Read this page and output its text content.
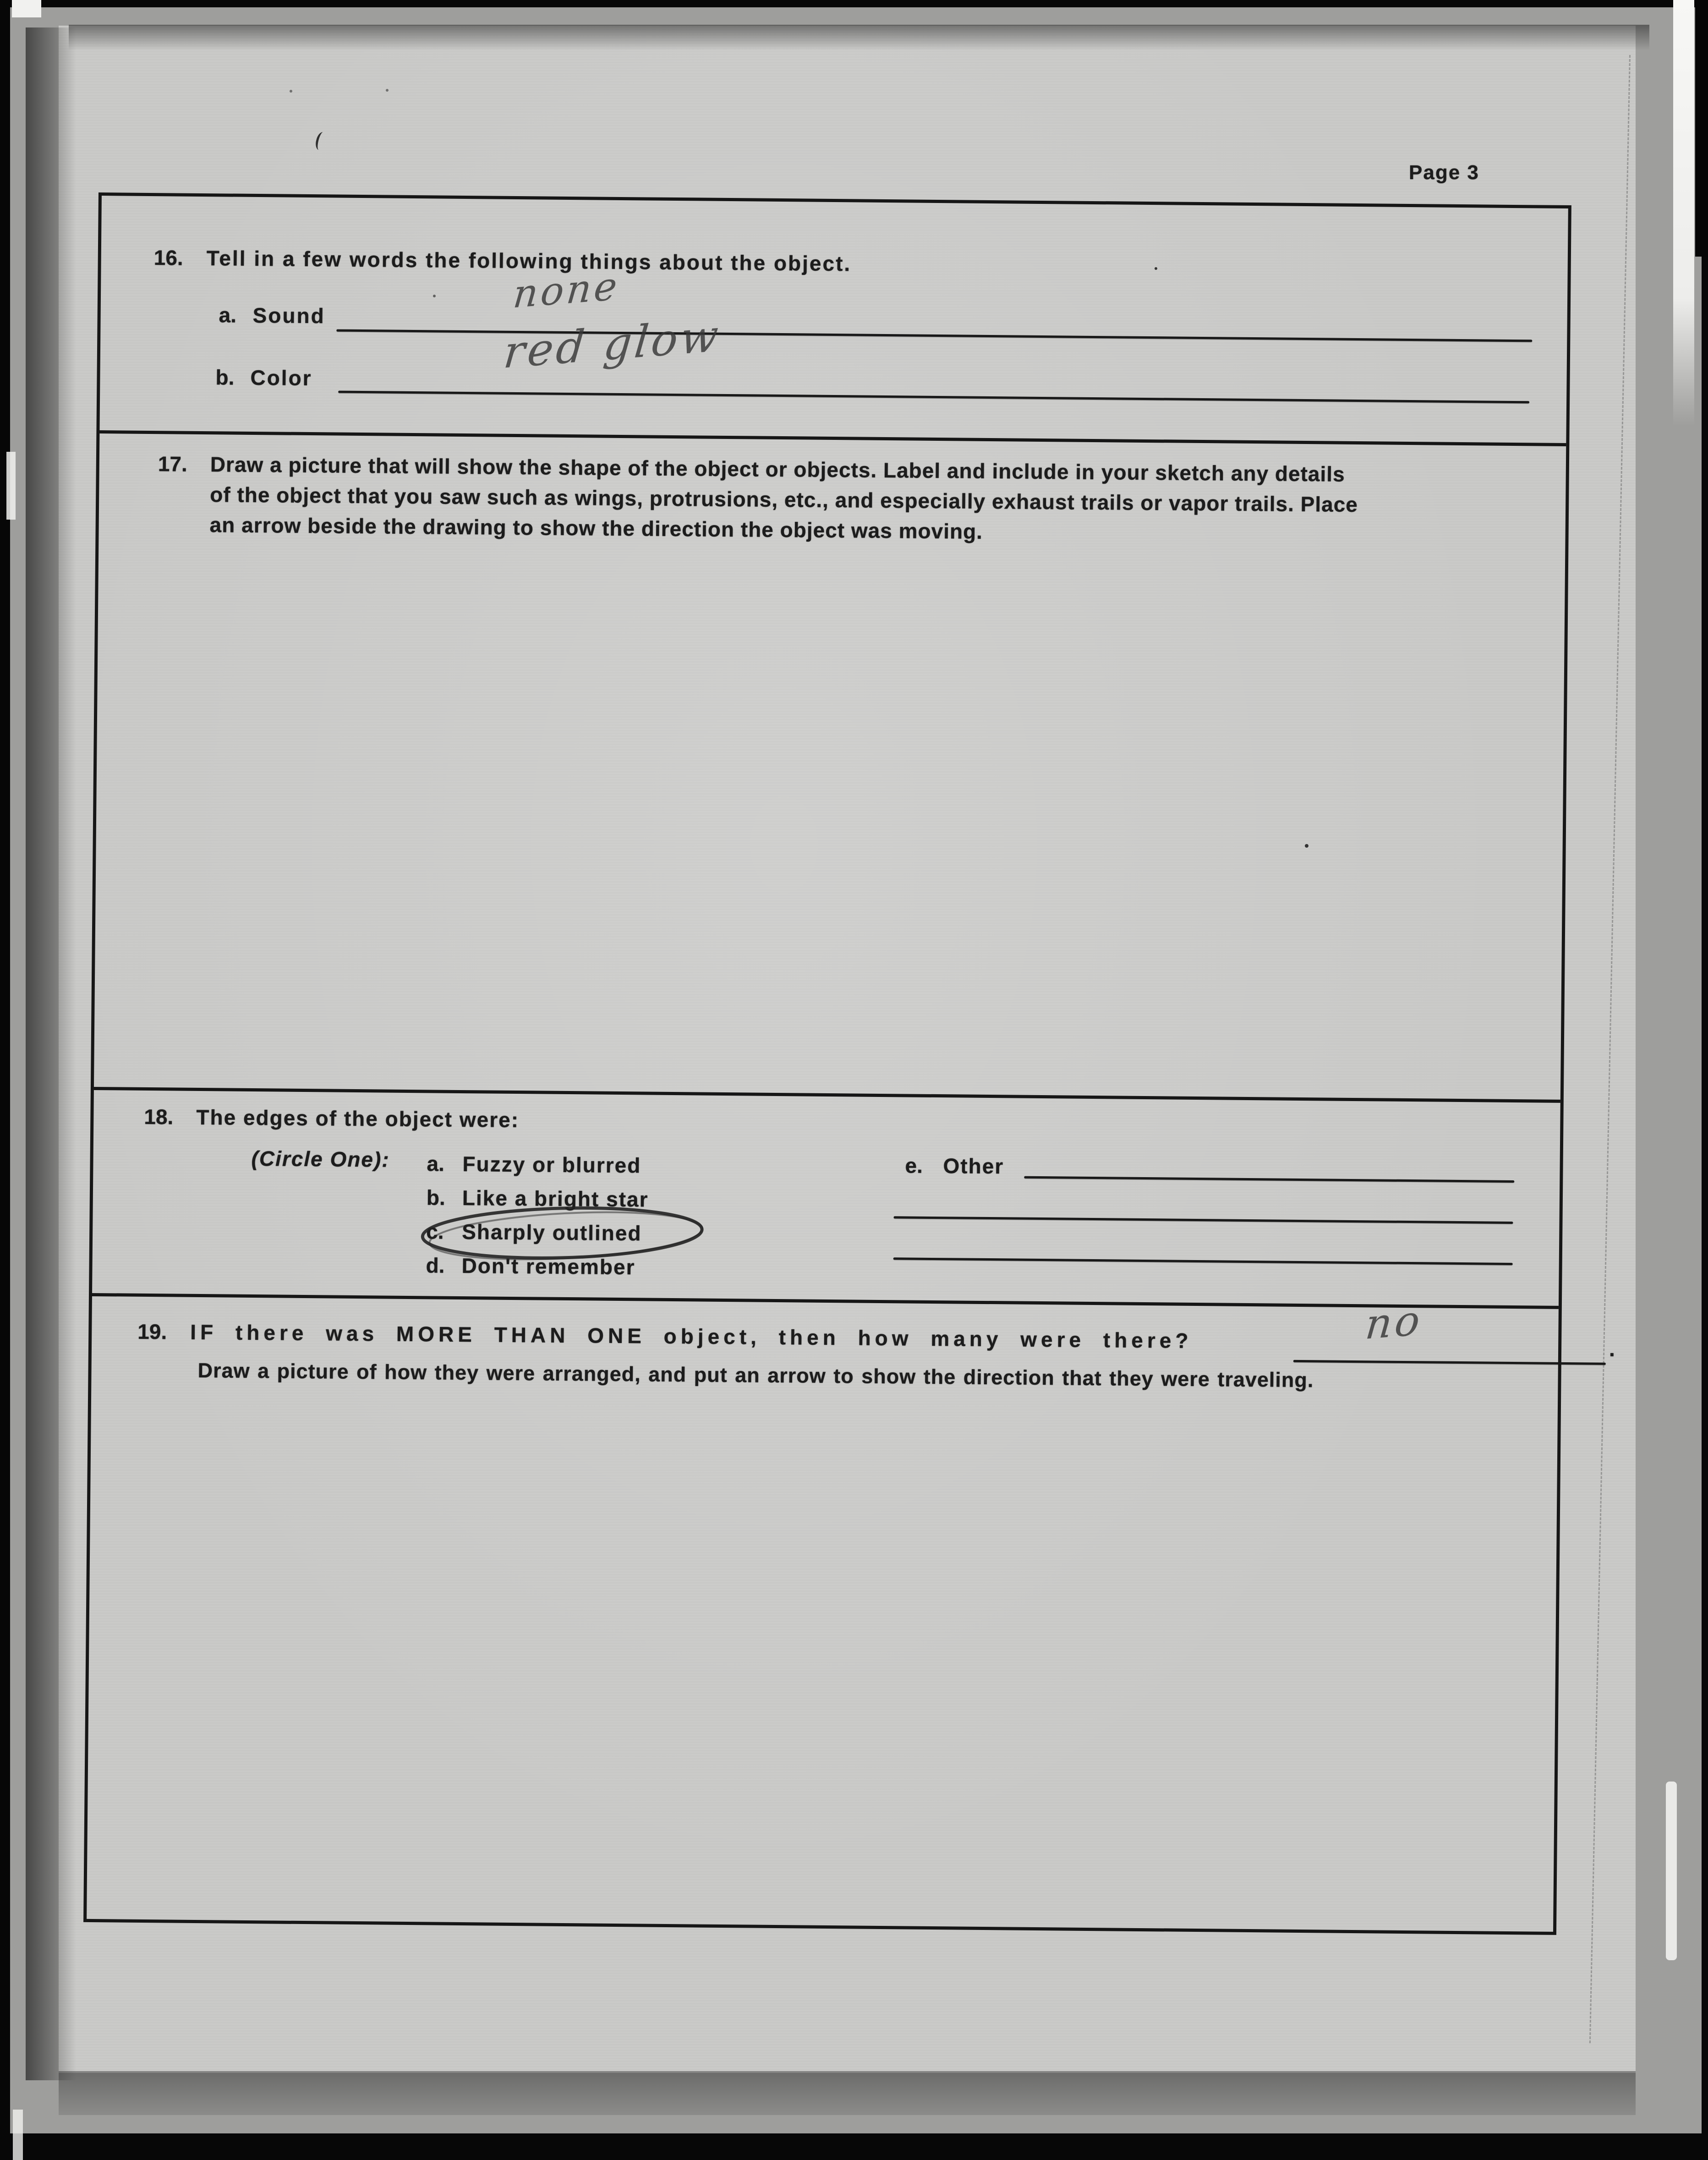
Page 3
16. Tell in a few words the following things about the object.
a. Sound	none
b. Color	red glow
17. Draw a picture that will show the shape of the object or objects. Label and include in your sketch any details
of the object that you saw such as wings, protrusions, etc., and especially exhaust trails or vapor trails. Place
an arrow beside the drawing to show the direction the object was moving.
18. The edges of the object were:
(Circle One): a. Fuzzy or blurred
b. Like a bright star
c. Sharply outlined
d. Don't remember
e. Other
19. IF there was MORE THAN ONE object, then how many were there?	.
no
Draw a picture of how they were arranged, and put an arrow to show the direction that they were traveling.
